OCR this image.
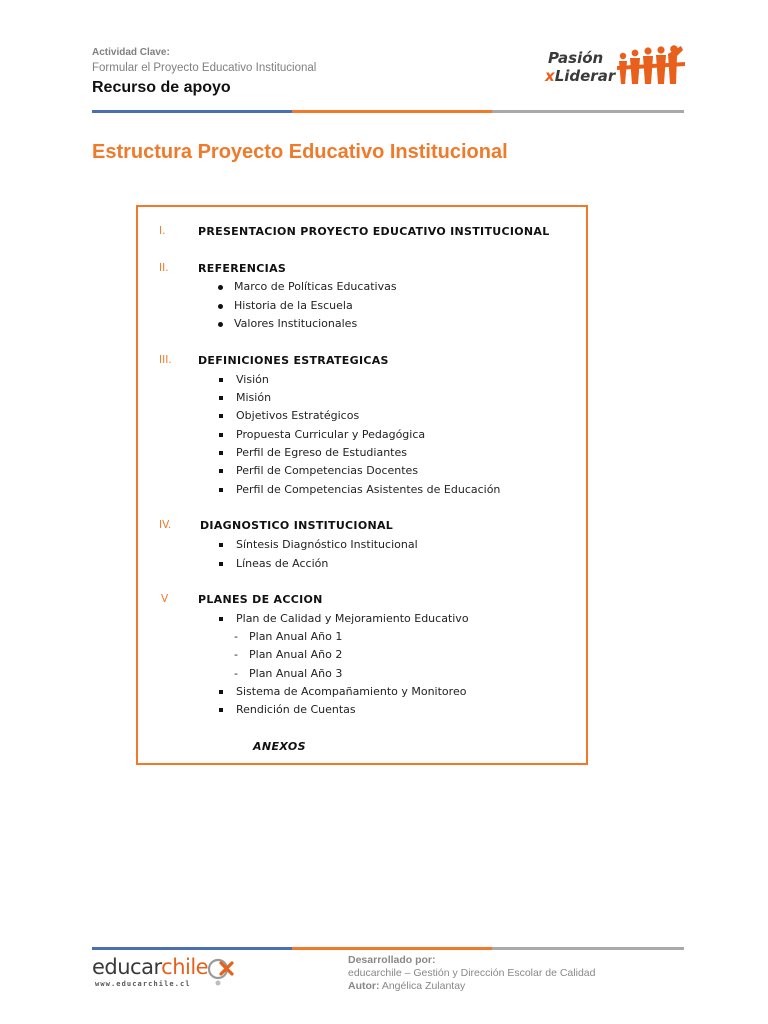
Actividad Clave:
Formular el Proyecto Educativo Institucional
Recurso de apoyo
Pasión
xLiderar
Estructura Proyecto Educativo Institucional
I.	PRESENTACION PROYECTO EDUCATIVO INSTITUCIONAL
II.	REFERENCIAS
Marco de Políticas Educativas
Historia de la Escuela
Valores Institucionales
III. DEFINICIONES ESTRATEGICAS
Visión
Misión
Objetivos Estratégicos
Propuesta Curricular y Pedagógica
Perfil de Egreso de Estudiantes
Perfil de Competencias Docentes
Perfil de Competencias Asistentes de Educación
IV.	DIAGNOSTICO INSTITUCIONAL
Síntesis Diagnóstico Institucional
Líneas de Acción
V	PLANES DE ACCION
Plan de Calidad y Mejoramiento Educativo
- Plan Anual Año 1
- Plan Anual Año 2
- Plan Anual Año 3
Sistema de Acompañamiento y Monitoreo
Rendición de Cuentas
ANEXOS
educarchile
www.educarchile.cl
Desarrollado por:
educarchile – Gestión y Dirección Escolar de Calidad
Autor: Angélica Zulantay
